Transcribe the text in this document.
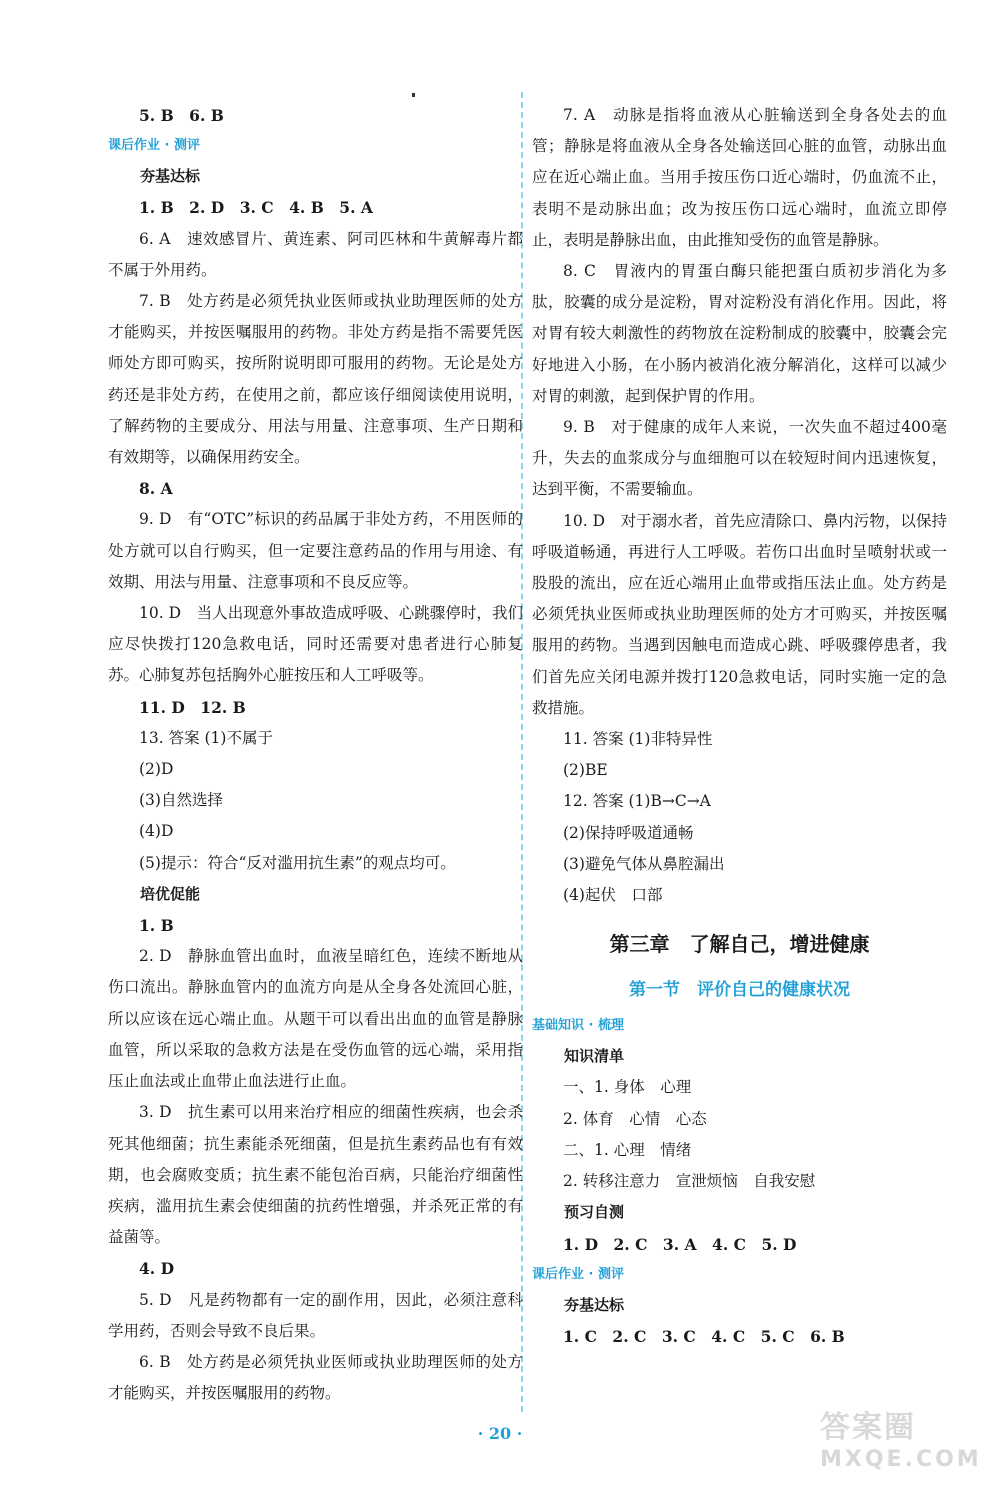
5. B　6. B
课后作业 · 测评
夯基达标
1. B　2. D　3. C　4. B　5. A

6. A　速效感冒片、黄连素、阿司匹林和牛黄解毒片都不属于外用药。

7. B　处方药是必须凭执业医师或执业助理医师的处方才能购买，并按医嘱服用的药物。非处方药是指不需要凭医师处方即可购买，按所附说明即可服用的药物。无论是处方药还是非处方药，在使用之前，都应该仔细阅读使用说明，了解药物的主要成分、用法与用量、注意事项、生产日期和有效期等，以确保用药安全。

8. A

9. D　有“OTC”标识的药品属于非处方药，不用医师的处方就可以自行购买，但一定要注意药品的作用与用途、有效期、用法与用量、注意事项和不良反应等。

10. D　当人出现意外事故造成呼吸、心跳骤停时，我们应尽快拨打120急救电话，同时还需要对患者进行心肺复苏。心肺复苏包括胸外心脏按压和人工呼吸等。

11. D　12. B
13. 答案 (1)不属于
(2)D
(3)自然选择
(4)D
(5)提示：符合“反对滥用抗生素”的观点均可。
培优促能
1. B

2. D　静脉血管出血时，血液呈暗红色，连续不断地从伤口流出。静脉血管内的血流方向是从全身各处流回心脏，所以应该在远心端止血。从题干可以看出出血的血管是静脉血管，所以采取的急救方法是在受伤血管的远心端，采用指压止血法或止血带止血法进行止血。

3. D　抗生素可以用来治疗相应的细菌性疾病，也会杀死其他细菌；抗生素能杀死细菌，但是抗生素药品也有有效期，也会腐败变质；抗生素不能包治百病，只能治疗细菌性疾病，滥用抗生素会使细菌的抗药性增强，并杀死正常的有益菌等。

4. D

5. D　凡是药物都有一定的副作用，因此，必须注意科学用药，否则会导致不良后果。

6. B　处方药是必须凭执业医师或执业助理医师的处方才能购买，并按医嘱服用的药物。

7. A　动脉是指将血液从心脏输送到全身各处去的血管；静脉是将血液从全身各处输送回心脏的血管，动脉出血应在近心端止血。当用手按压伤口近心端时，仍血流不止，表明不是动脉出血；改为按压伤口远心端时，血流立即停止，表明是静脉出血，由此推知受伤的血管是静脉。

8. C　胃液内的胃蛋白酶只能把蛋白质初步消化为多肽，胶囊的成分是淀粉，胃对淀粉没有消化作用。因此，将对胃有较大刺激性的药物放在淀粉制成的胶囊中，胶囊会完好地进入小肠，在小肠内被消化液分解消化，这样可以减少对胃的刺激，起到保护胃的作用。

9. B　对于健康的成年人来说，一次失血不超过400毫升，失去的血浆成分与血细胞可以在较短时间内迅速恢复，达到平衡，不需要输血。

10. D　对于溺水者，首先应清除口、鼻内污物，以保持呼吸道畅通，再进行人工呼吸。若伤口出血时呈喷射状或一股股的流出，应在近心端用止血带或指压法止血。处方药是必须凭执业医师或执业助理医师的处方才可购买，并按医嘱服用的药物。当遇到因触电而造成心跳、呼吸骤停患者，我们首先应关闭电源并拨打120急救电话，同时实施一定的急救措施。

11. 答案 (1)非特异性
(2)BE
12. 答案 (1)B→C→A
(2)保持呼吸道通畅
(3)避免气体从鼻腔漏出
(4)起伏　口部
第三章　了解自己，增进健康
第一节　评价自己的健康状况
基础知识 · 梳理
知识清单
一、1. 身体　心理
2. 体育　心情　心态
二、1. 心理　情绪
2. 转移注意力　宣泄烦恼　自我安慰
预习自测
1. D　2. C　3. A　4. C　5. D
课后作业 · 测评
夯基达标
1. C　2. C　3. C　4. C　5. C　6. B
· 20 ·	答案圈
MXQE.COM
